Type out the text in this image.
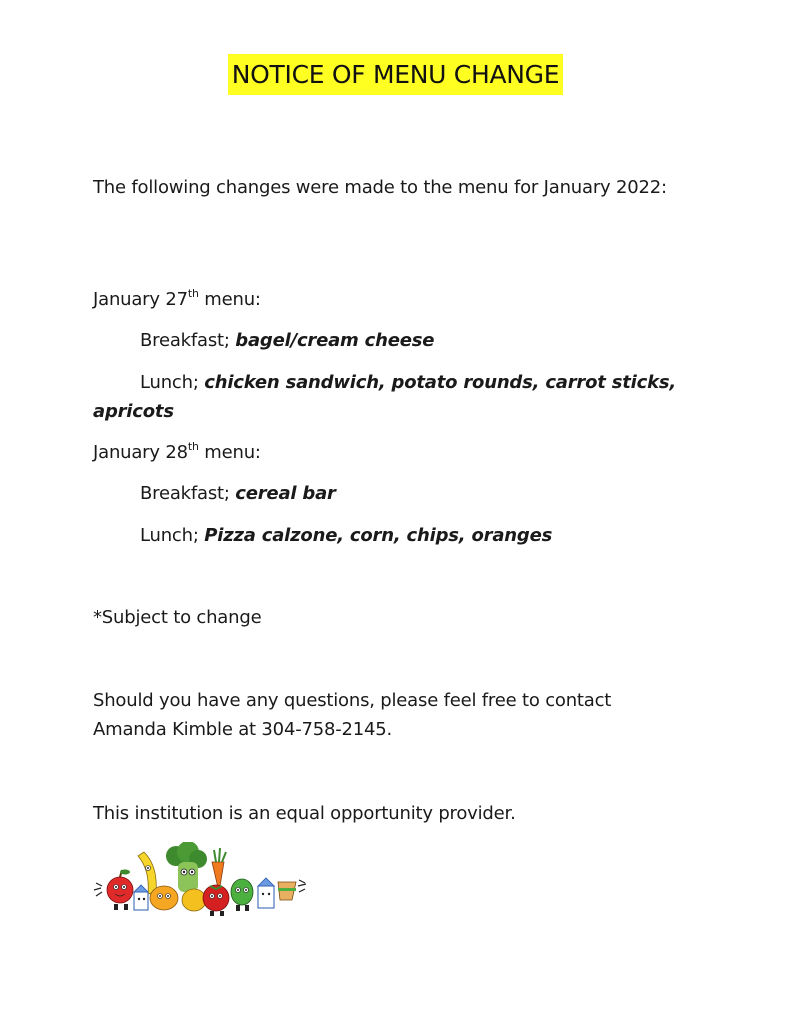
NOTICE OF MENU CHANGE
The following changes were made to the menu for January 2022:
January 27th menu:
Breakfast; bagel/cream cheese
Lunch; chicken sandwich, potato rounds, carrot sticks,
apricots
January 28th menu:
Breakfast; cereal bar
Lunch; Pizza calzone, corn, chips, oranges
*Subject to change
Should you have any questions, please feel free to contact Amanda Kimble at 304-758-2145.
This institution is an equal opportunity provider.
